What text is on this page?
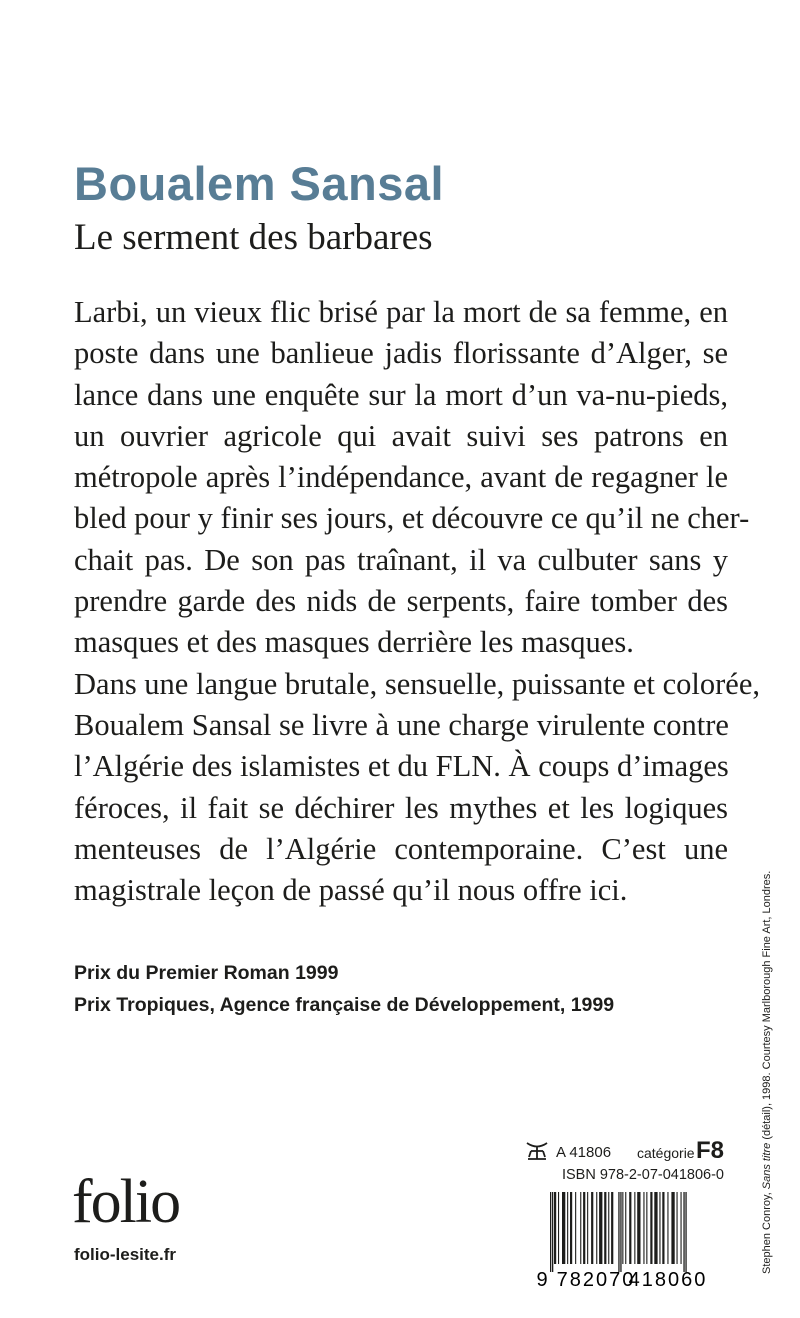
Boualem Sansal
Le serment des barbares
Larbi, un vieux flic brisé par la mort de sa femme, en
poste dans une banlieue jadis florissante d’Alger, se
lance dans une enquête sur la mort d’un va-nu-pieds,
un ouvrier agricole qui avait suivi ses patrons en
métropole après l’indépendance, avant de regagner le
bled pour y finir ses jours, et découvre ce qu’il ne cher-
chait pas. De son pas traînant, il va culbuter sans y
prendre garde des nids de serpents, faire tomber des
masques et des masques derrière les masques.
Dans une langue brutale, sensuelle, puissante et colorée,
Boualem Sansal se livre à une charge virulente contre
l’Algérie des islamistes et du FLN. À coups d’images
féroces, il fait se déchirer les mythes et les logiques
menteuses de l’Algérie contemporaine. C’est une
magistrale leçon de passé qu’il nous offre ici.
Prix du Premier Roman 1999
Prix Tropiques, Agence française de Développement, 1999
folio
folio-lesite.fr
A 41806 catégorie F8
ISBN 978-2-07-041806-0
9 782070
418060
Stephen Conroy, Sans titre (détail), 1998. Courtesy Marlborough Fine Art, Londres.
